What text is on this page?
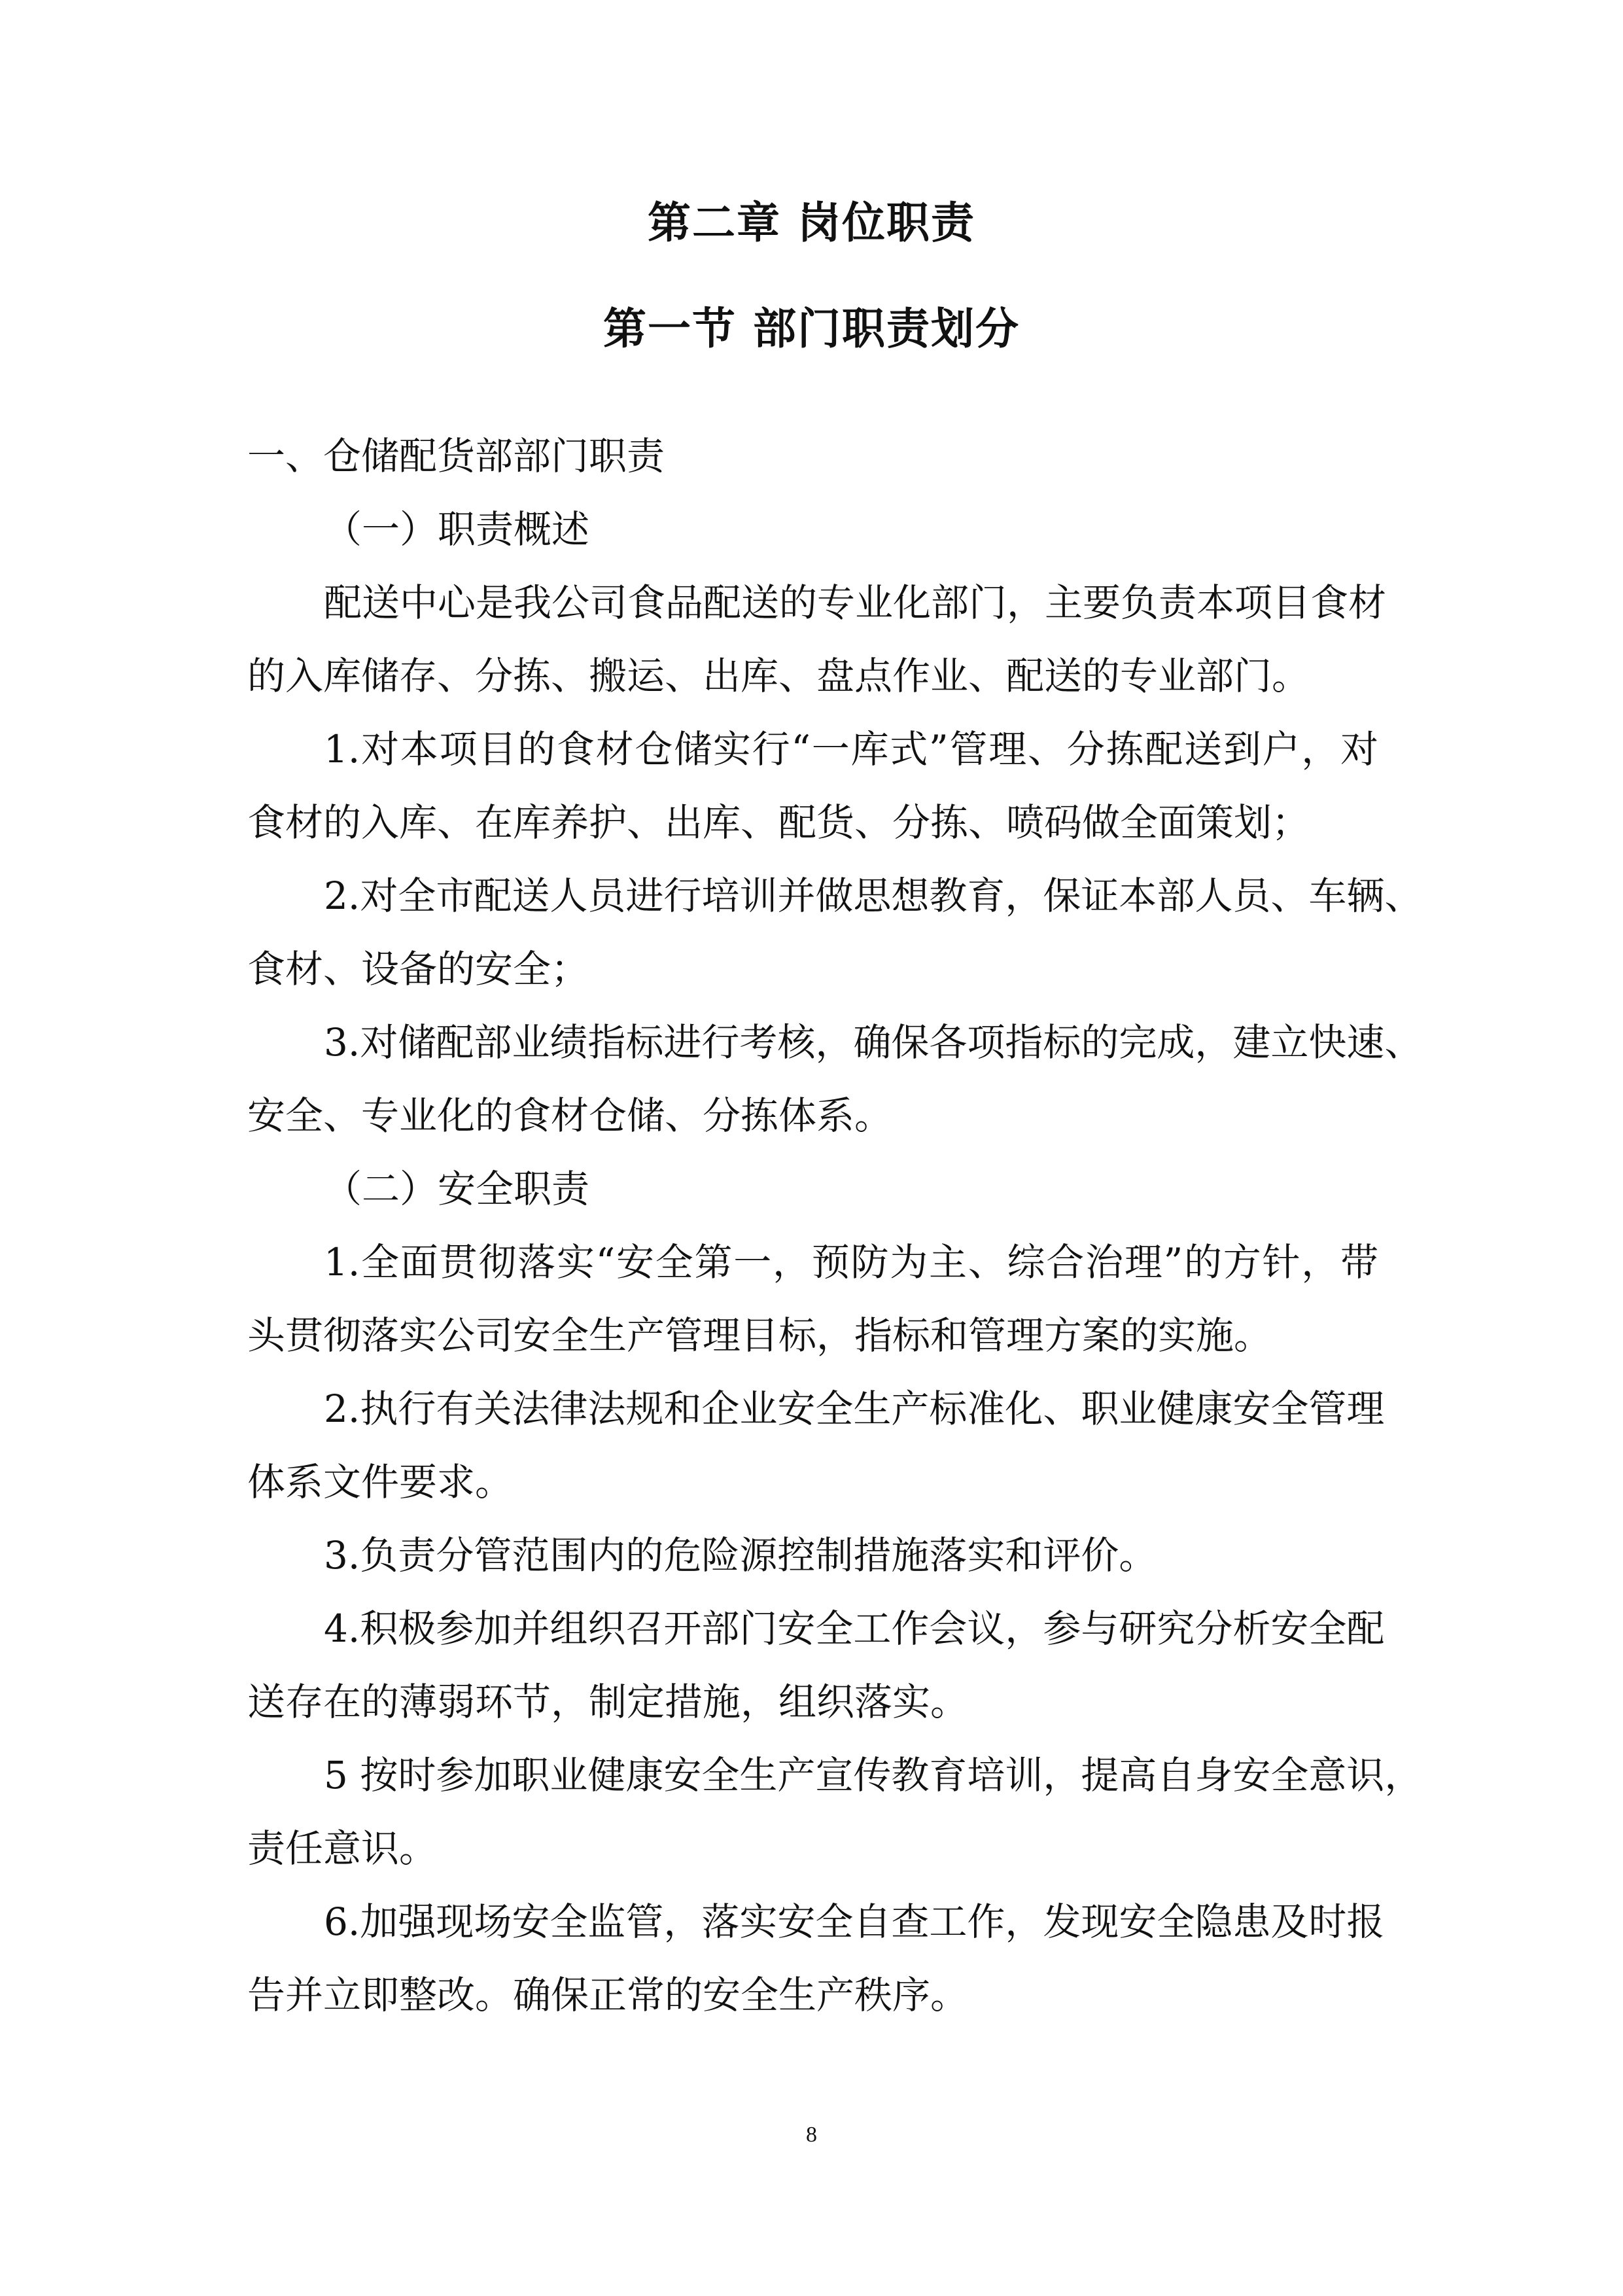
第二章 岗位职责
第一节 部门职责划分
一、仓储配货部部门职责
（一）职责概述
配送中心是我公司食品配送的专业化部门，主要负责本项目食材
的入库储存、分拣、搬运、出库、盘点作业、配送的专业部门。
1.对本项目的食材仓储实行“一库式”管理、分拣配送到户，对
食材的入库、在库养护、出库、配货、分拣、喷码做全面策划；
2.对全市配送人员进行培训并做思想教育，保证本部人员、车辆、
食材、设备的安全；
3.对储配部业绩指标进行考核，确保各项指标的完成，建立快速、
安全、专业化的食材仓储、分拣体系。
（二）安全职责
1.全面贯彻落实“安全第一，预防为主、综合治理”的方针，带
头贯彻落实公司安全生产管理目标，指标和管理方案的实施。
2.执行有关法律法规和企业安全生产标准化、职业健康安全管理
体系文件要求。
3.负责分管范围内的危险源控制措施落实和评价。
4.积极参加并组织召开部门安全工作会议，参与研究分析安全配
送存在的薄弱环节，制定措施，组织落实。
5 按时参加职业健康安全生产宣传教育培训，提高自身安全意识，
责任意识。
6.加强现场安全监管，落实安全自查工作，发现安全隐患及时报
告并立即整改。确保正常的安全生产秩序。
8
